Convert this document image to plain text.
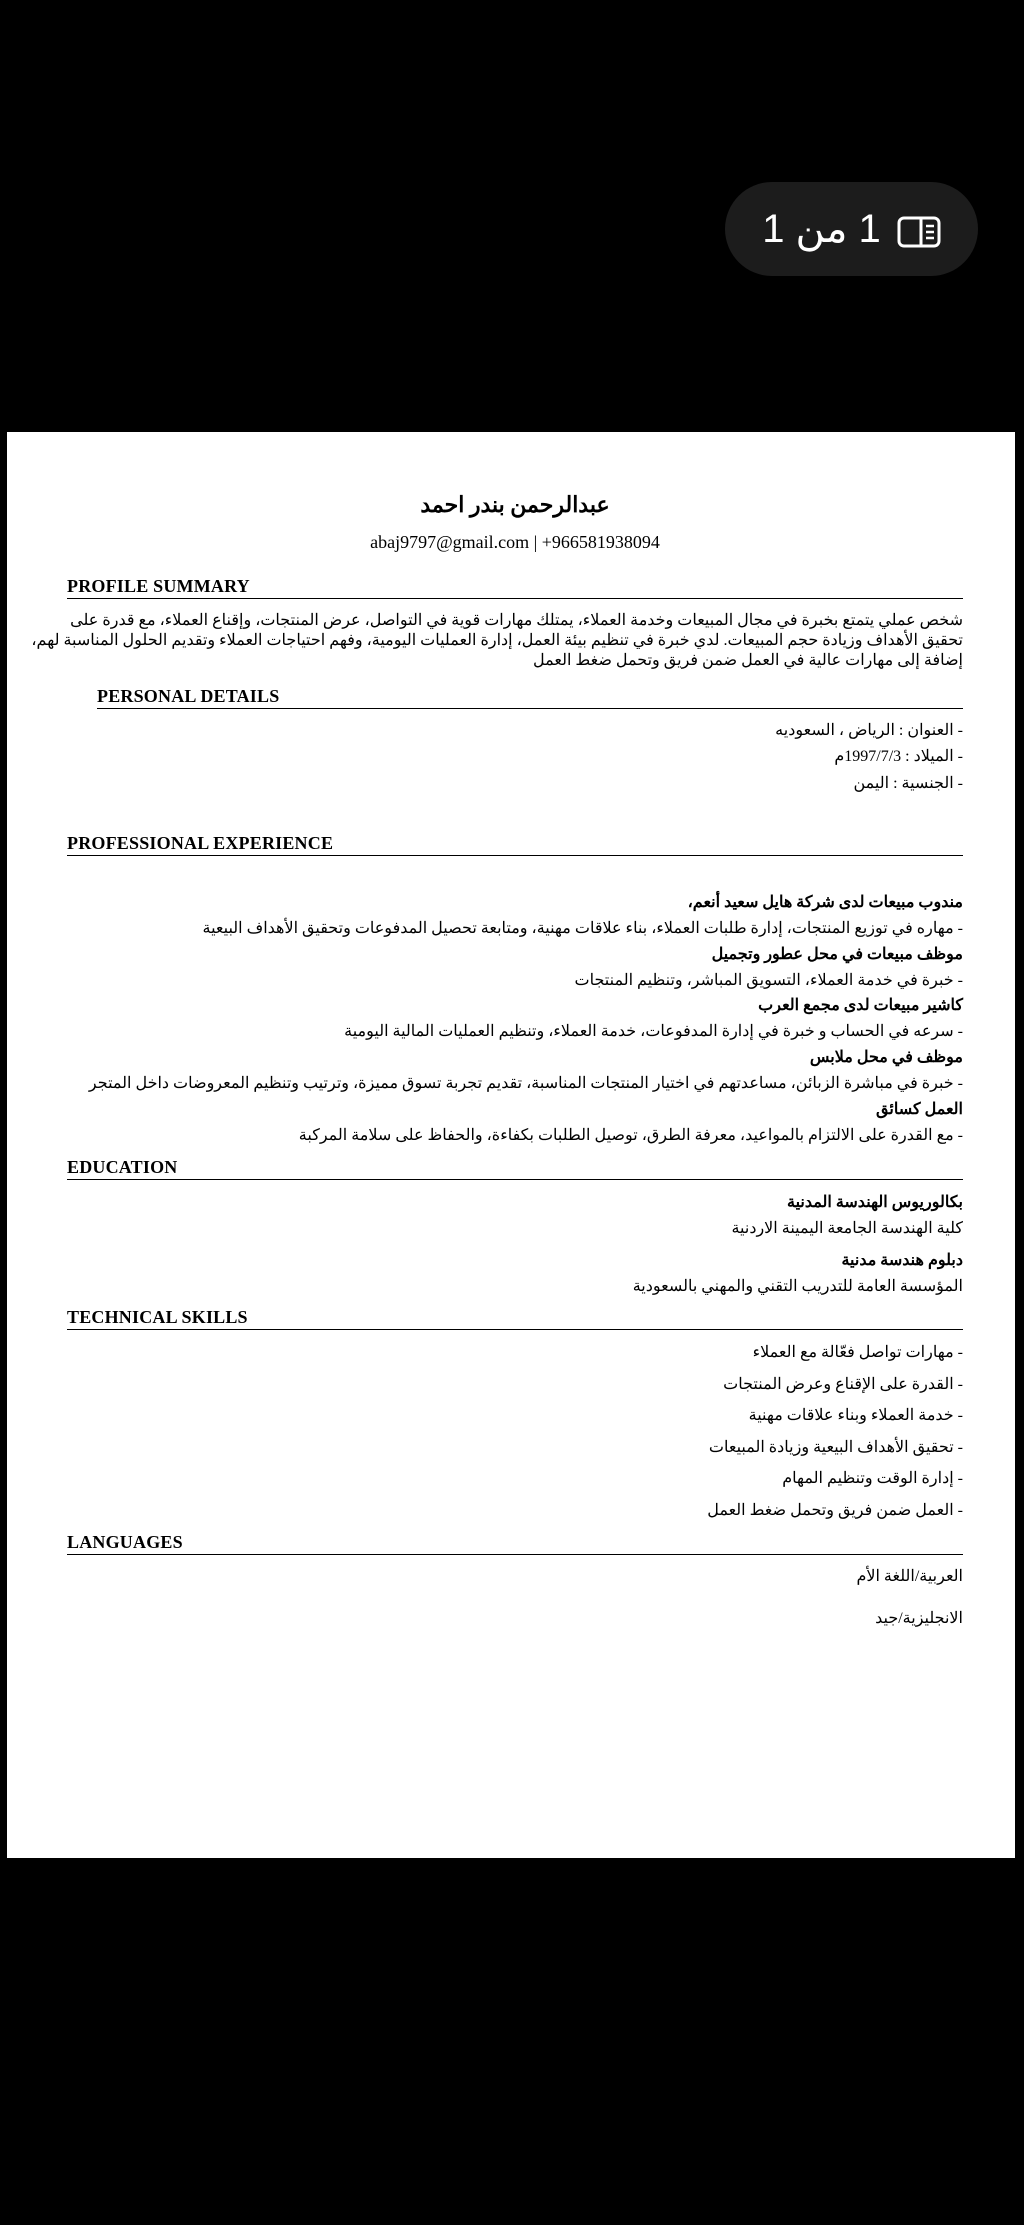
1 من 1
عبدالرحمن بندر احمد
abaj9797@gmail.com | +966581938094
PROFILE SUMMARY
شخص عملي يتمتع بخبرة في مجال المبيعات وخدمة العملاء، يمتلك مهارات قوية في التواصل، عرض المنتجات، وإقناع العملاء، مع قدرة على
تحقيق الأهداف وزيادة حجم المبيعات. لدي خبرة في تنظيم بيئة العمل، إدارة العمليات اليومية، وفهم احتياجات العملاء وتقديم الحلول المناسبة لهم،
إضافة إلى مهارات عالية في العمل ضمن فريق وتحمل ضغط العمل
PERSONAL DETAILS
- العنوان : الرياض ، السعوديه
- الميلاد : 1997/7/3م
- الجنسية : اليمن
PROFESSIONAL EXPERIENCE
مندوب مبيعات لدى شركة هايل سعيد أنعم،
- مهاره في توزيع المنتجات، إدارة طلبات العملاء، بناء علاقات مهنية، ومتابعة تحصيل المدفوعات وتحقيق الأهداف البيعية
موظف مبيعات في محل عطور وتجميل
- خبرة في خدمة العملاء، التسويق المباشر، وتنظيم المنتجات
كاشير مبيعات لدى مجمع العرب
- سرعه في الحساب و خبرة في إدارة المدفوعات، خدمة العملاء، وتنظيم العمليات المالية اليومية
موظف في محل ملابس
- خبرة في مباشرة الزبائن، مساعدتهم في اختيار المنتجات المناسبة، تقديم تجربة تسوق مميزة، وترتيب وتنظيم المعروضات داخل المتجر
العمل كسائق
- مع القدرة على الالتزام بالمواعيد، معرفة الطرق، توصيل الطلبات بكفاءة، والحفاظ على سلامة المركبة
EDUCATION
بكالوريوس الهندسة المدنية
كلية الهندسة الجامعة اليمينة الاردنية
دبلوم هندسة مدنية
المؤسسة العامة للتدريب التقني والمهني بالسعودية
TECHNICAL SKILLS
- مهارات تواصل فعّالة مع العملاء
- القدرة على الإقناع وعرض المنتجات
- خدمة العملاء وبناء علاقات مهنية
- تحقيق الأهداف البيعية وزيادة المبيعات
- إدارة الوقت وتنظيم المهام
- العمل ضمن فريق وتحمل ضغط العمل
LANGUAGES
العربية/اللغة الأم
الانجليزية/جيد
